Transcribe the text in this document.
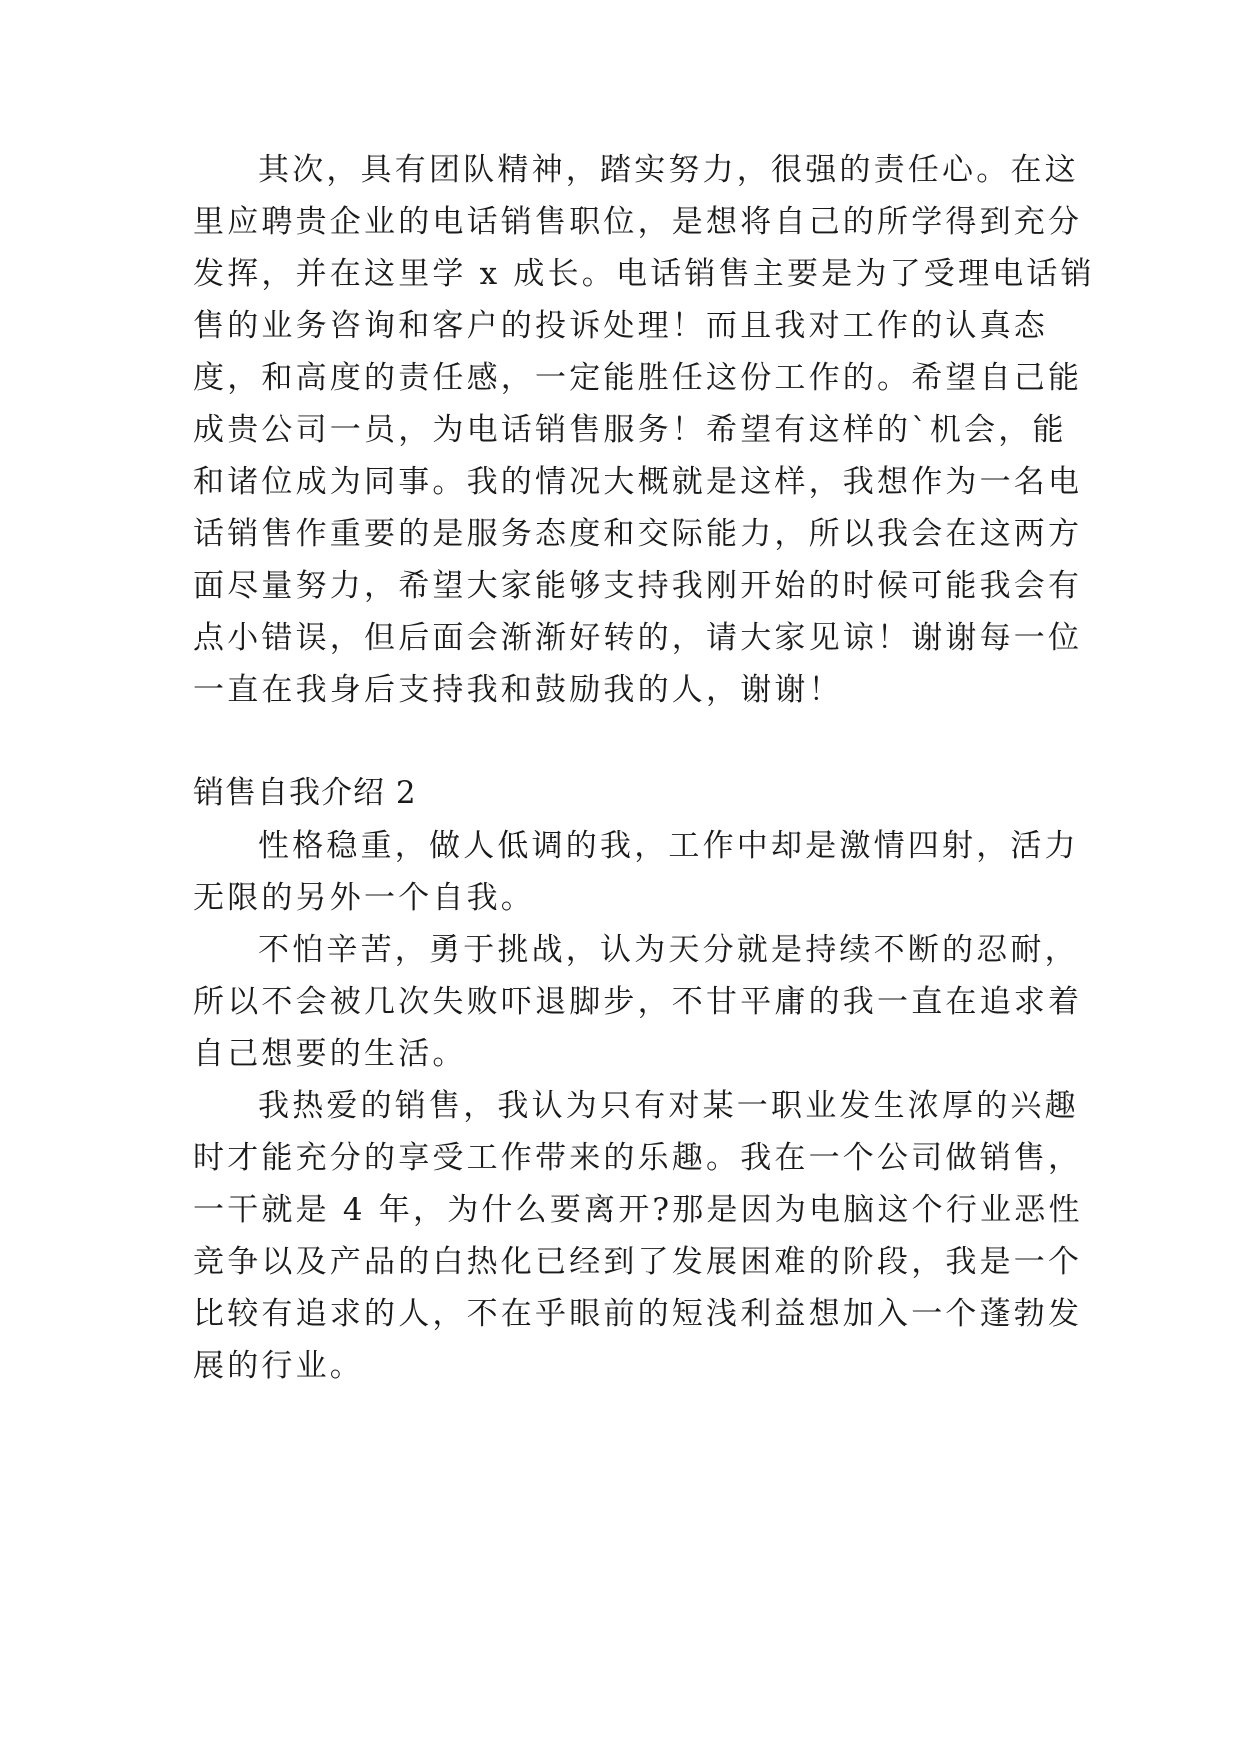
其次，具有团队精神，踏实努力，很强的责任心。在这
里应聘贵企业的电话销售职位，是想将自己的所学得到充分
发挥，并在这里学 x 成长。电话销售主要是为了受理电话销
售的业务咨询和客户的投诉处理！而且我对工作的认真态
度，和高度的责任感，一定能胜任这份工作的。希望自己能
成贵公司一员，为电话销售服务！希望有这样的`机会，能
和诸位成为同事。我的情况大概就是这样，我想作为一名电
话销售作重要的是服务态度和交际能力，所以我会在这两方
面尽量努力，希望大家能够支持我刚开始的时候可能我会有
点小错误，但后面会渐渐好转的，请大家见谅！谢谢每一位
一直在我身后支持我和鼓励我的人，谢谢！
销售自我介绍 2
性格稳重，做人低调的我，工作中却是激情四射，活力
无限的另外一个自我。
不怕辛苦，勇于挑战，认为天分就是持续不断的忍耐，
所以不会被几次失败吓退脚步，不甘平庸的我一直在追求着
自己想要的生活。
我热爱的销售，我认为只有对某一职业发生浓厚的兴趣
时才能充分的享受工作带来的乐趣。我在一个公司做销售，
一干就是 4 年，为什么要离开?那是因为电脑这个行业恶性
竞争以及产品的白热化已经到了发展困难的阶段，我是一个
比较有追求的人，不在乎眼前的短浅利益想加入一个蓬勃发
展的行业。
